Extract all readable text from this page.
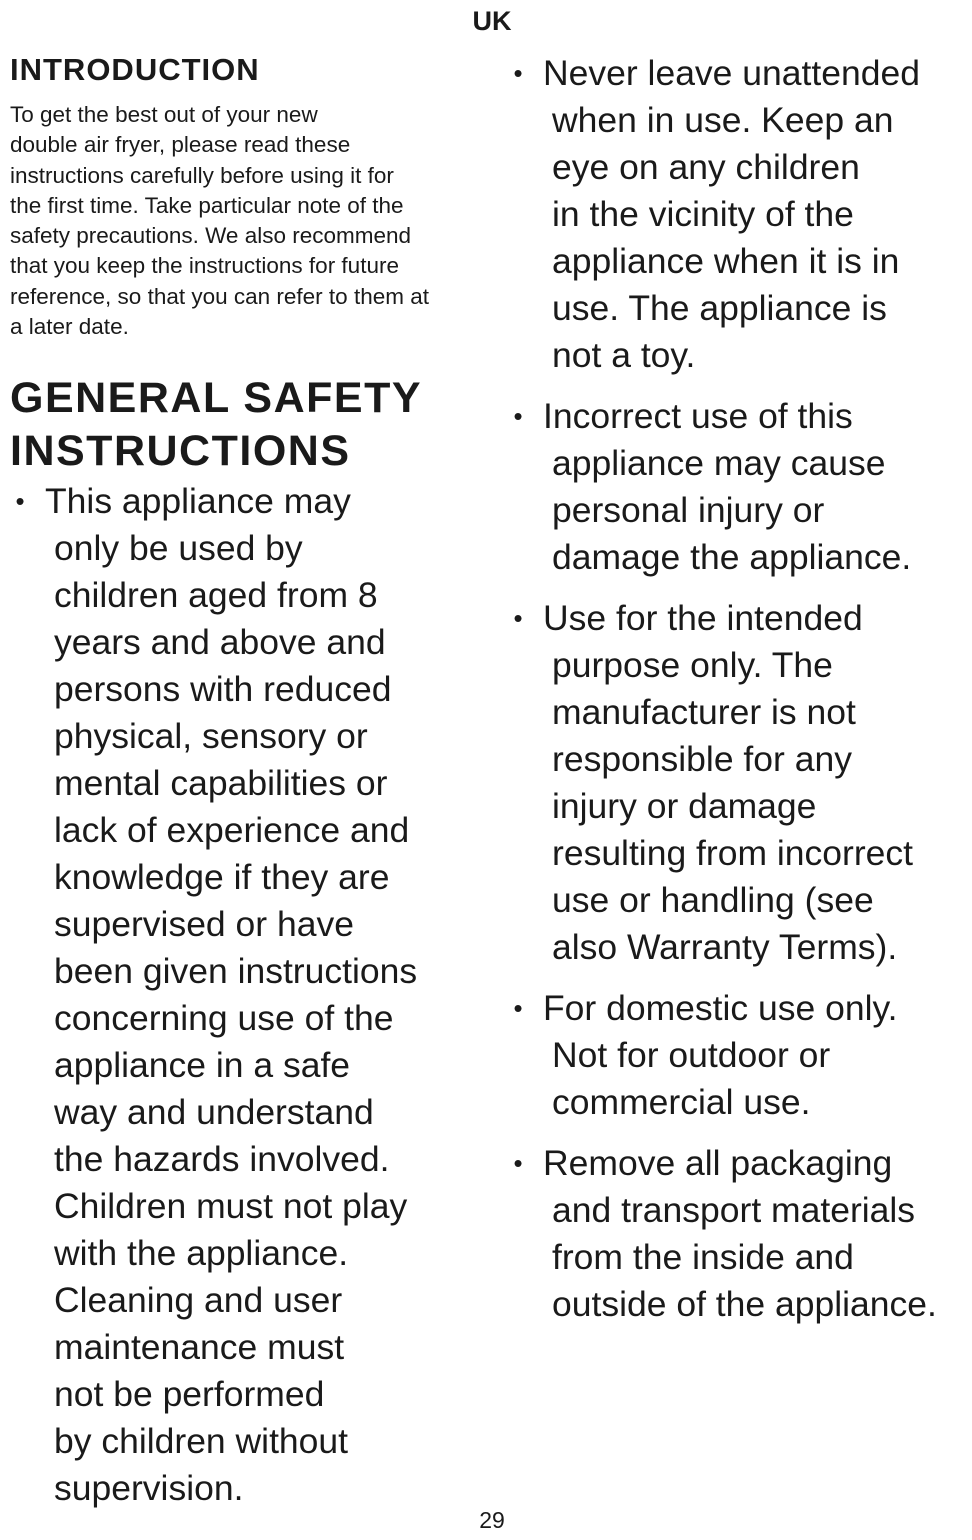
UK
INTRODUCTION

To get the best out of your new
double air fryer, please read these
instructions carefully before using it for
the first time. Take particular note of the
safety precautions. We also recommend
that you keep the instructions for future
reference, so that you can refer to them at
a later date.

GENERAL SAFETY
INSTRUCTIONS
• This appliance may
only be used by
children aged from 8
years and above and
persons with reduced
physical, sensory or
mental capabilities or
lack of experience and
knowledge if they are
supervised or have
been given instructions
concerning use of the
appliance in a safe
way and understand
the hazards involved.
Children must not play
with the appliance.
Cleaning and user
maintenance must
not be performed
by children without
supervision.
• Never leave unattended
when in use. Keep an
eye on any children
in the vicinity of the
appliance when it is in
use. The appliance is
not a toy.
• Incorrect use of this
appliance may cause
personal injury or
damage the appliance.
• Use for the intended
purpose only. The
manufacturer is not
responsible for any
injury or damage
resulting from incorrect
use or handling (see
also Warranty Terms).
• For domestic use only.
Not for outdoor or
commercial use.
• Remove all packaging
and transport materials
from the inside and
outside of the appliance.
29
